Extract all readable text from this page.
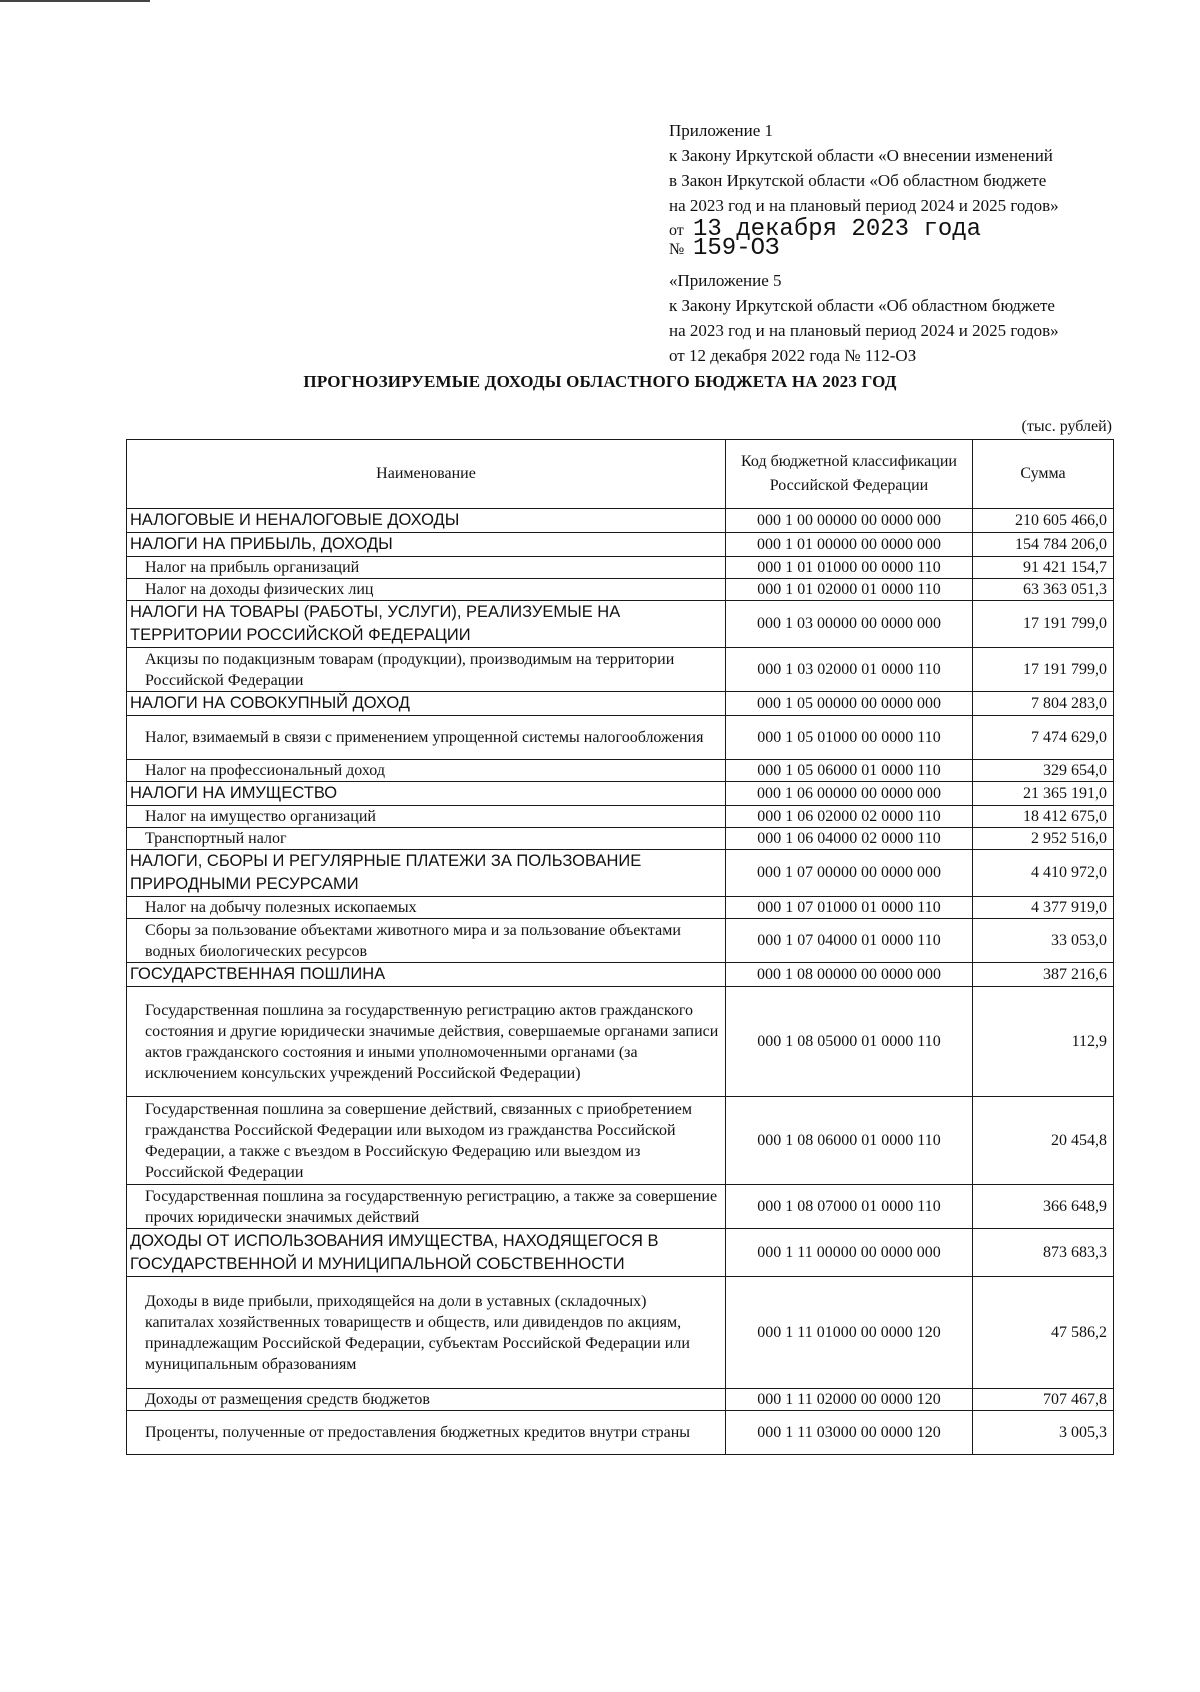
Приложение 1
к Закону Иркутской области «О внесении изменений
в Закон Иркутской области «Об областном бюджете
на 2023 год и на плановый период 2024 и 2025 годов»
от 13 декабря 2023 года
№ 159-ОЗ
«Приложение 5
к Закону Иркутской области «Об областном бюджете
на 2023 год и на плановый период 2024 и 2025 годов»
от 12 декабря 2022 года № 112-ОЗ
ПРОГНОЗИРУЕМЫЕ ДОХОДЫ ОБЛАСТНОГО БЮДЖЕТА НА 2023 ГОД
(тыс. рублей)
Наименование	Код бюджетной классификации Российской Федерации	Сумма
НАЛОГОВЫЕ И НЕНАЛОГОВЫЕ ДОХОДЫ	000 1 00 00000 00 0000 000	210 605 466,0
НАЛОГИ НА ПРИБЫЛЬ, ДОХОДЫ	000 1 01 00000 00 0000 000	154 784 206,0
Налог на прибыль организаций	000 1 01 01000 00 0000 110	91 421 154,7
Налог на доходы физических лиц	000 1 01 02000 01 0000 110	63 363 051,3
НАЛОГИ НА ТОВАРЫ (РАБОТЫ, УСЛУГИ), РЕАЛИЗУЕМЫЕ НА ТЕРРИТОРИИ РОССИЙСКОЙ ФЕДЕРАЦИИ	000 1 03 00000 00 0000 000	17 191 799,0
Акцизы по подакцизным товарам (продукции), производимым на территории Российской Федерации	000 1 03 02000 01 0000 110	17 191 799,0
НАЛОГИ НА СОВОКУПНЫЙ ДОХОД	000 1 05 00000 00 0000 000	7 804 283,0
Налог, взимаемый в связи с применением упрощенной системы налогообложения	000 1 05 01000 00 0000 110	7 474 629,0
Налог на профессиональный доход	000 1 05 06000 01 0000 110	329 654,0
НАЛОГИ НА ИМУЩЕСТВО	000 1 06 00000 00 0000 000	21 365 191,0
Налог на имущество организаций	000 1 06 02000 02 0000 110	18 412 675,0
Транспортный налог	000 1 06 04000 02 0000 110	2 952 516,0
НАЛОГИ, СБОРЫ И РЕГУЛЯРНЫЕ ПЛАТЕЖИ ЗА ПОЛЬЗОВАНИЕ ПРИРОДНЫМИ РЕСУРСАМИ	000 1 07 00000 00 0000 000	4 410 972,0
Налог на добычу полезных ископаемых	000 1 07 01000 01 0000 110	4 377 919,0
Сборы за пользование объектами животного мира и за пользование объектами водных биологических ресурсов	000 1 07 04000 01 0000 110	33 053,0
ГОСУДАРСТВЕННАЯ ПОШЛИНА	000 1 08 00000 00 0000 000	387 216,6
Государственная пошлина за государственную регистрацию актов гражданского состояния и другие юридически значимые действия, совершаемые органами записи актов гражданского состояния и иными уполномоченными органами (за исключением консульских учреждений Российской Федерации)	000 1 08 05000 01 0000 110	112,9
Государственная пошлина за совершение действий, связанных с приобретением гражданства Российской Федерации или выходом из гражданства Российской Федерации, а также с въездом в Российскую Федерацию или выездом из Российской Федерации	000 1 08 06000 01 0000 110	20 454,8
Государственная пошлина за государственную регистрацию, а также за совершение прочих юридически значимых действий	000 1 08 07000 01 0000 110	366 648,9
ДОХОДЫ ОТ ИСПОЛЬЗОВАНИЯ ИМУЩЕСТВА, НАХОДЯЩЕГОСЯ В ГОСУДАРСТВЕННОЙ И МУНИЦИПАЛЬНОЙ СОБСТВЕННОСТИ	000 1 11 00000 00 0000 000	873 683,3
Доходы в виде прибыли, приходящейся на доли в уставных (складочных) капиталах хозяйственных товариществ и обществ, или дивидендов по акциям, принадлежащим Российской Федерации, субъектам Российской Федерации или муниципальным образованиям	000 1 11 01000 00 0000 120	47 586,2
Доходы от размещения средств бюджетов	000 1 11 02000 00 0000 120	707 467,8
Проценты, полученные от предоставления бюджетных кредитов внутри страны	000 1 11 03000 00 0000 120	3 005,3
